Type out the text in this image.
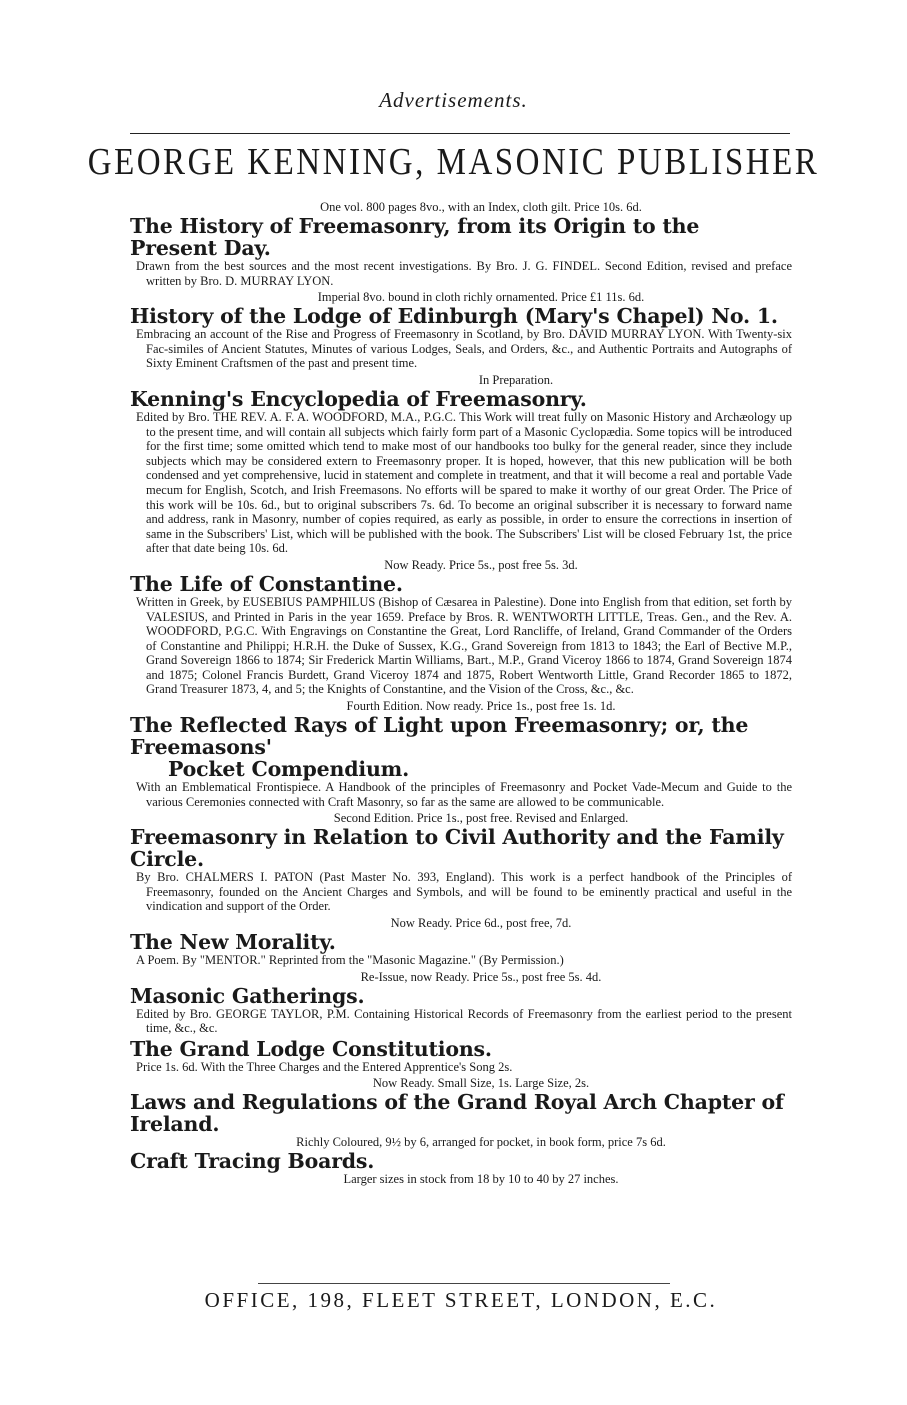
Advertisements.
GEORGE KENNING, MASONIC PUBLISHER

One vol. 800 pages 8vo., with an Index, cloth gilt. Price 10s. 6d.

The History of Freemasonry, from its Origin to the Present Day.

Drawn from the best sources and the most recent investigations. By Bro. J. G. FINDEL. Second Edition, revised and preface written by Bro. D. MURRAY LYON.

Imperial 8vo. bound in cloth richly ornamented. Price £1 11s. 6d.

History of the Lodge of Edinburgh (Mary's Chapel) No. 1.

Embracing an account of the Rise and Progress of Freemasonry in Scotland, by Bro. DAVID MURRAY LYON. With Twenty-six Fac-similes of Ancient Statutes, Minutes of various Lodges, Seals, and Orders, &c., and Authentic Portraits and Autographs of Sixty Eminent Craftsmen of the past and present time.

In Preparation.

Kenning's Encyclopedia of Freemasonry.

Edited by Bro. THE REV. A. F. A. WOODFORD, M.A., P.G.C. This Work will treat fully on Masonic History and Archæology up to the present time, and will contain all subjects which fairly form part of a Masonic Cyclopædia. Some topics will be introduced for the first time; some omitted which tend to make most of our handbooks too bulky for the general reader, since they include subjects which may be considered extern to Freemasonry proper. It is hoped, however, that this new publication will be both condensed and yet comprehensive, lucid in statement and complete in treatment, and that it will become a real and portable Vade mecum for English, Scotch, and Irish Freemasons. No efforts will be spared to make it worthy of our great Order. The Price of this work will be 10s. 6d., but to original subscribers 7s. 6d. To become an original subscriber it is necessary to forward name and address, rank in Masonry, number of copies required, as early as possible, in order to ensure the corrections in insertion of same in the Subscribers' List, which will be published with the book. The Subscribers' List will be closed February 1st, the price after that date being 10s. 6d.

Now Ready. Price 5s., post free 5s. 3d.

The Life of Constantine.

Written in Greek, by EUSEBIUS PAMPHILUS (Bishop of Cæsarea in Palestine). Done into English from that edition, set forth by VALESIUS, and Printed in Paris in the year 1659. Preface by Bros. R. WENTWORTH LITTLE, Treas. Gen., and the Rev. A. WOODFORD, P.G.C. With Engravings on Constantine the Great, Lord Rancliffe, of Ireland, Grand Commander of the Orders of Constantine and Philippi; H.R.H. the Duke of Sussex, K.G., Grand Sovereign from 1813 to 1843; the Earl of Bective M.P., Grand Sovereign 1866 to 1874; Sir Frederick Martin Williams, Bart., M.P., Grand Viceroy 1866 to 1874, Grand Sovereign 1874 and 1875; Colonel Francis Burdett, Grand Viceroy 1874 and 1875, Robert Wentworth Little, Grand Recorder 1865 to 1872, Grand Treasurer 1873, 4, and 5; the Knights of Constantine, and the Vision of the Cross, &c., &c.

Fourth Edition. Now ready. Price 1s., post free 1s. 1d.

The Reflected Rays of Light upon Freemasonry; or, the Freemasons'

Pocket Compendium.

With an Emblematical Frontispiece. A Handbook of the principles of Freemasonry and Pocket Vade-Mecum and Guide to the various Ceremonies connected with Craft Masonry, so far as the same are allowed to be communicable.

Second Edition. Price 1s., post free. Revised and Enlarged.

Freemasonry in Relation to Civil Authority and the Family Circle.

By Bro. CHALMERS I. PATON (Past Master No. 393, England). This work is a perfect handbook of the Principles of Freemasonry, founded on the Ancient Charges and Symbols, and will be found to be eminently practical and useful in the vindication and support of the Order.

Now Ready. Price 6d., post free, 7d.

The New Morality.

A Poem. By "MENTOR." Reprinted from the "Masonic Magazine." (By Permission.)

Re-Issue, now Ready. Price 5s., post free 5s. 4d.

Masonic Gatherings.

Edited by Bro. GEORGE TAYLOR, P.M. Containing Historical Records of Freemasonry from the earliest period to the present time, &c., &c.

The Grand Lodge Constitutions.

Price 1s. 6d. With the Three Charges and the Entered Apprentice's Song 2s.

Now Ready. Small Size, 1s. Large Size, 2s.

Laws and Regulations of the Grand Royal Arch Chapter of Ireland.

Richly Coloured, 9½ by 6, arranged for pocket, in book form, price 7s 6d.

Craft Tracing Boards.

Larger sizes in stock from 18 by 10 to 40 by 27 inches.

OFFICE, 198, FLEET STREET, LONDON, E.C.
